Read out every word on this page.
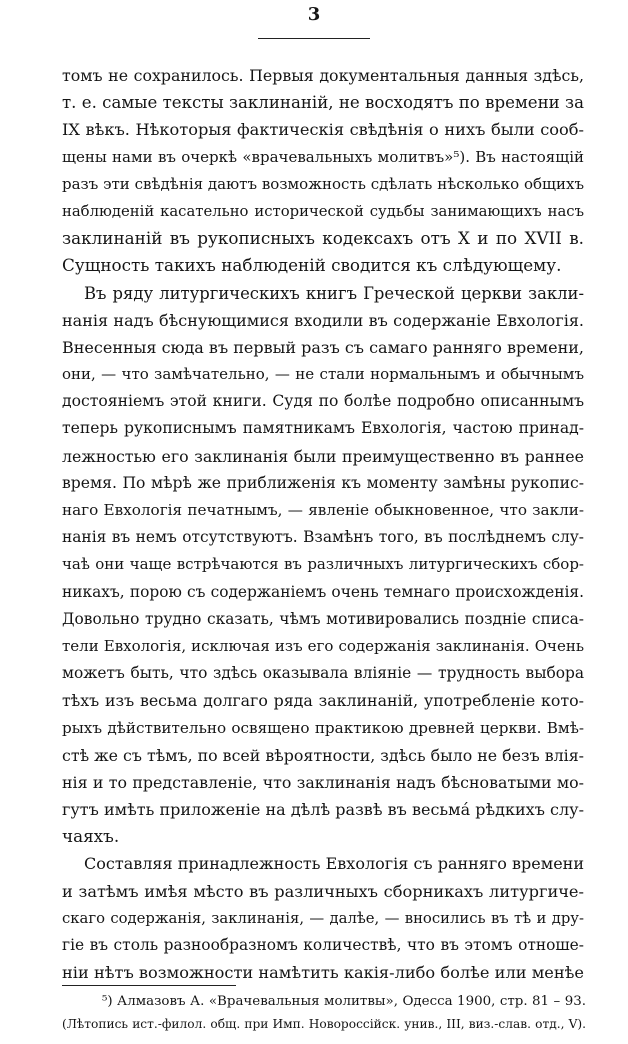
3
томъ не сохранилось. Первыя документальныя данныя здѣсь,
т. е. самые тексты заклинаній, не восходятъ по времени за
IX вѣкъ. Нѣкоторыя фактическія свѣдѣнія о нихъ были сооб-
щены нами въ очеркѣ «врачевальныхъ молитвъ»⁵). Въ настоящій
разъ эти свѣдѣнія даютъ возможность сдѣлать нѣсколько общихъ
наблюденій касательно исторической судьбы занимающихъ насъ
заклинаній въ рукописныхъ кодексахъ отъ X и по XVII в.
Сущность такихъ наблюденій сводится къ слѣдующему.
Въ ряду литургическихъ книгъ Греческой церкви закли-
нанія надъ бѣснующимися входили въ содержаніе Евхологія.
Внесенныя сюда въ первый разъ съ самаго ранняго времени,
они, — что замѣчательно, — не стали нормальнымъ и обычнымъ
достояніемъ этой книги. Судя по болѣе подробно описаннымъ
теперь рукописнымъ памятникамъ Евхологія, частою принад-
лежностью его заклинанія были преимущественно въ раннее
время. По мѣрѣ же приближенія къ моменту замѣны рукопис-
наго Евхологія печатнымъ, — явленіе обыкновенное, что закли-
нанія въ немъ отсутствуютъ. Взамѣнъ того, въ послѣднемъ слу-
чаѣ они чаще встрѣчаются въ различныхъ литургическихъ сбор-
никахъ, порою съ содержаніемъ очень темнаго происхожденія.
Довольно трудно сказать, чѣмъ мотивировались поздніе списа-
тели Евхологія, исключая изъ его содержанія заклинанія. Очень
можетъ быть, что здѣсь оказывала вліяніе — трудность выбора
тѣхъ изъ весьма долгаго ряда заклинаній, употребленіе кото-
рыхъ дѣйствительно освящено практикою древней церкви. Вмѣ-
стѣ же съ тѣмъ, по всей вѣроятности, здѣсь было не безъ влія-
нія и то представленіе, что заклинанія надъ бѣсноватыми мо-
гутъ имѣть приложеніе на дѣлѣ развѣ въ весьмá рѣдкихъ слу-
чаяхъ.
Составляя принадлежность Евхологія съ ранняго времени
и затѣмъ имѣя мѣсто въ различныхъ сборникахъ литургиче-
скаго содержанія, заклинанія, — далѣе, — вносились въ тѣ и дру-
гіе въ столь разнообразномъ количествѣ, что въ этомъ отноше-
ніи нѣтъ возможности намѣтить какія-либо болѣе или менѣе
⁵) Алмазовъ А. «Врачевальныя молитвы», Одесса 1900, стр. 81 – 93.
(Лѣтопись ист.-филол. общ. при Имп. Новороссійск. унив., III, виз.-слав. отд., V).
